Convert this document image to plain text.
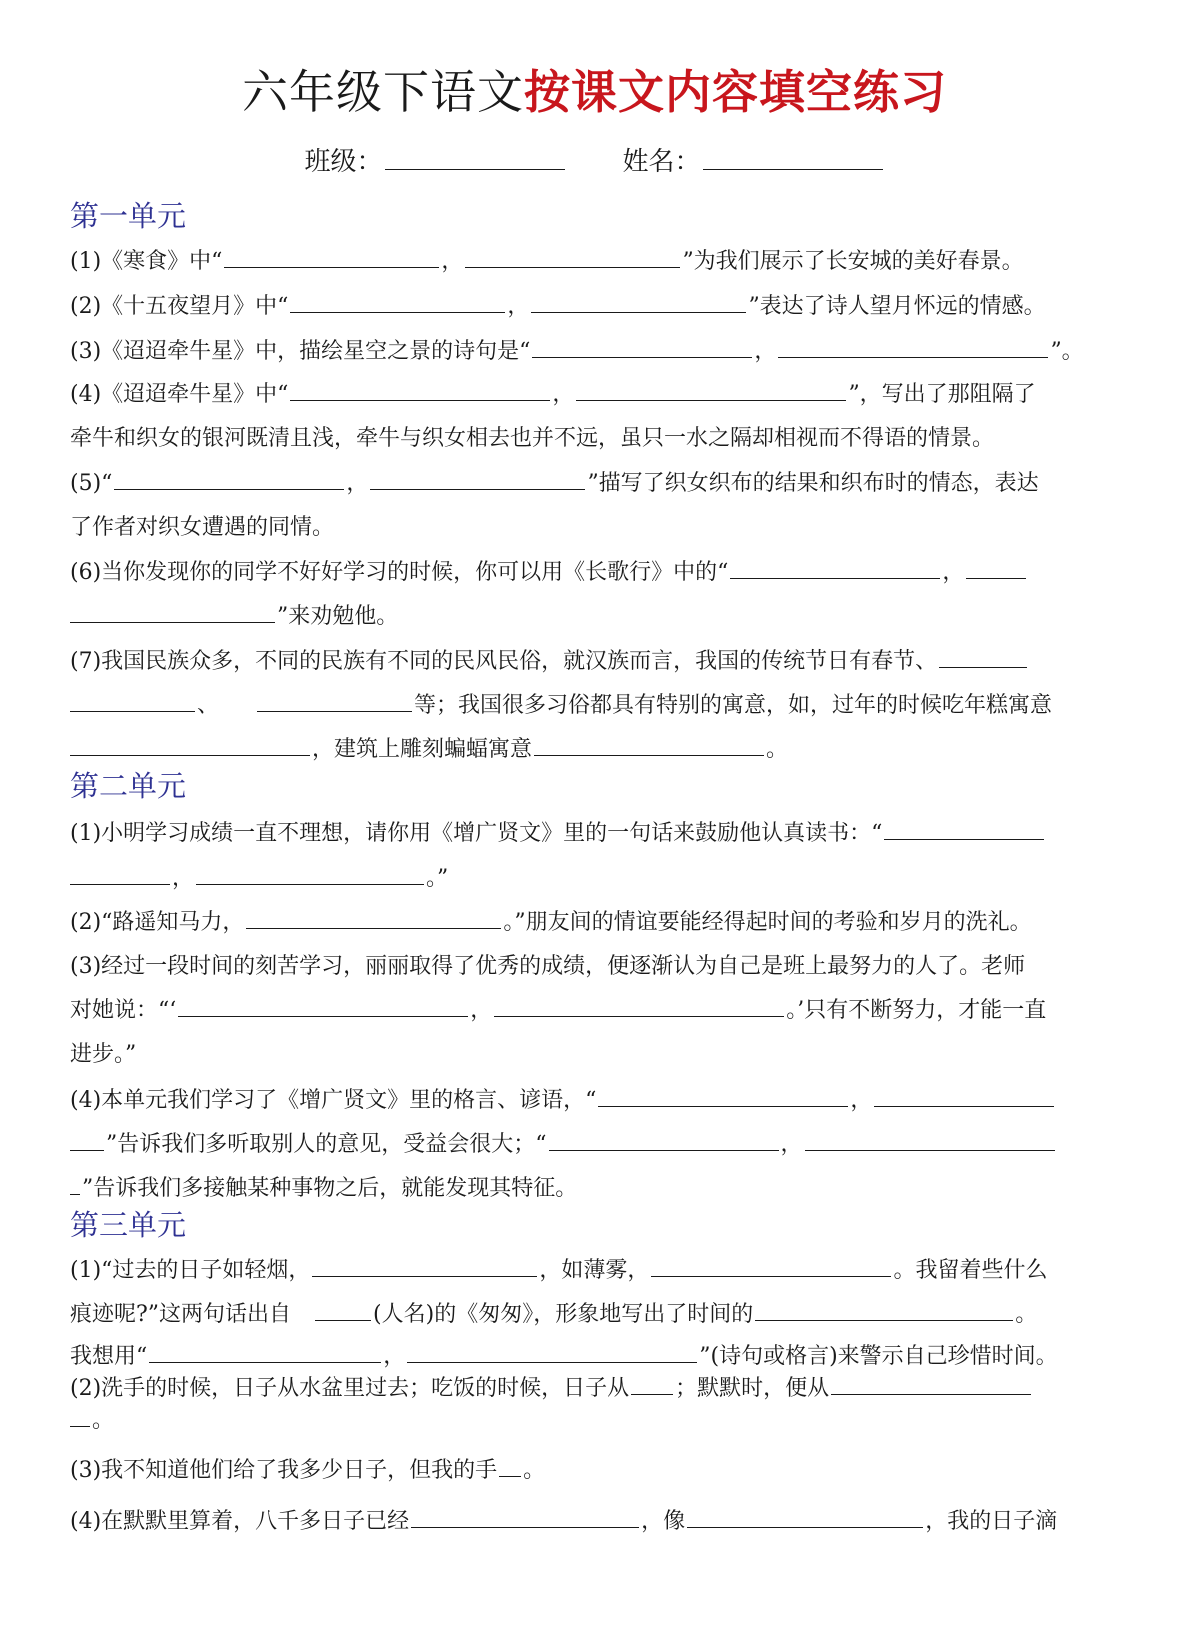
六年级下语文按课文内容填空练习
班级：	姓名：
第一单元
(1)《寒食》中“	，	”为我们展示了长安城的美好春景。
(2)《十五夜望月》中“	，	”表达了诗人望月怀远的情感。
(3)《迢迢牵牛星》中，描绘星空之景的诗句是“	，	”。
(4)《迢迢牵牛星》中“	，	”，写出了那阻隔了
牵牛和织女的银河既清且浅，牵牛与织女相去也并不远，虽只一水之隔却相视而不得语的情景。
(5)“	，	”描写了织女织布的结果和织布时的情态，表达
了作者对织女遭遇的同情。
(6)当你发现你的同学不好好学习的时候，你可以用《长歌行》中的“	，
”来劝勉他。
(7)我国民族众多，不同的民族有不同的民风民俗，就汉族而言，我国的传统节日有春节、
、	等；我国很多习俗都具有特别的寓意，如，过年的时候吃年糕寓意
，建筑上雕刻蝙蝠寓意	。
第二单元
(1)小明学习成绩一直不理想，请你用《增广贤文》里的一句话来鼓励他认真读书：“
，	。”
(2)“路遥知马力，	。”朋友间的情谊要能经得起时间的考验和岁月的洗礼。
(3)经过一段时间的刻苦学习，丽丽取得了优秀的成绩，便逐渐认为自己是班上最努力的人了。老师
对她说：“‘	，	。’只有不断努力，才能一直
进步。”
(4)本单元我们学习了《增广贤文》里的格言、谚语，“	，
”告诉我们多听取别人的意见，受益会很大；“	，
”告诉我们多接触某种事物之后，就能发现其特征。
第三单元
(1)“过去的日子如轻烟，	，如薄雾，	。我留着些什么
痕迹呢?”这两句话出自	(人名)的《匆匆》，形象地写出了时间的	。
我想用“	，	”(诗句或格言)来警示自己珍惜时间。
(2)洗手的时候，日子从水盆里过去；吃饭的时候，日子从 ；默默时，便从
。
(3)我不知道他们给了我多少日子，但我的手 。
(4)在默默里算着，八千多日子已经	，像	，我的日子滴
